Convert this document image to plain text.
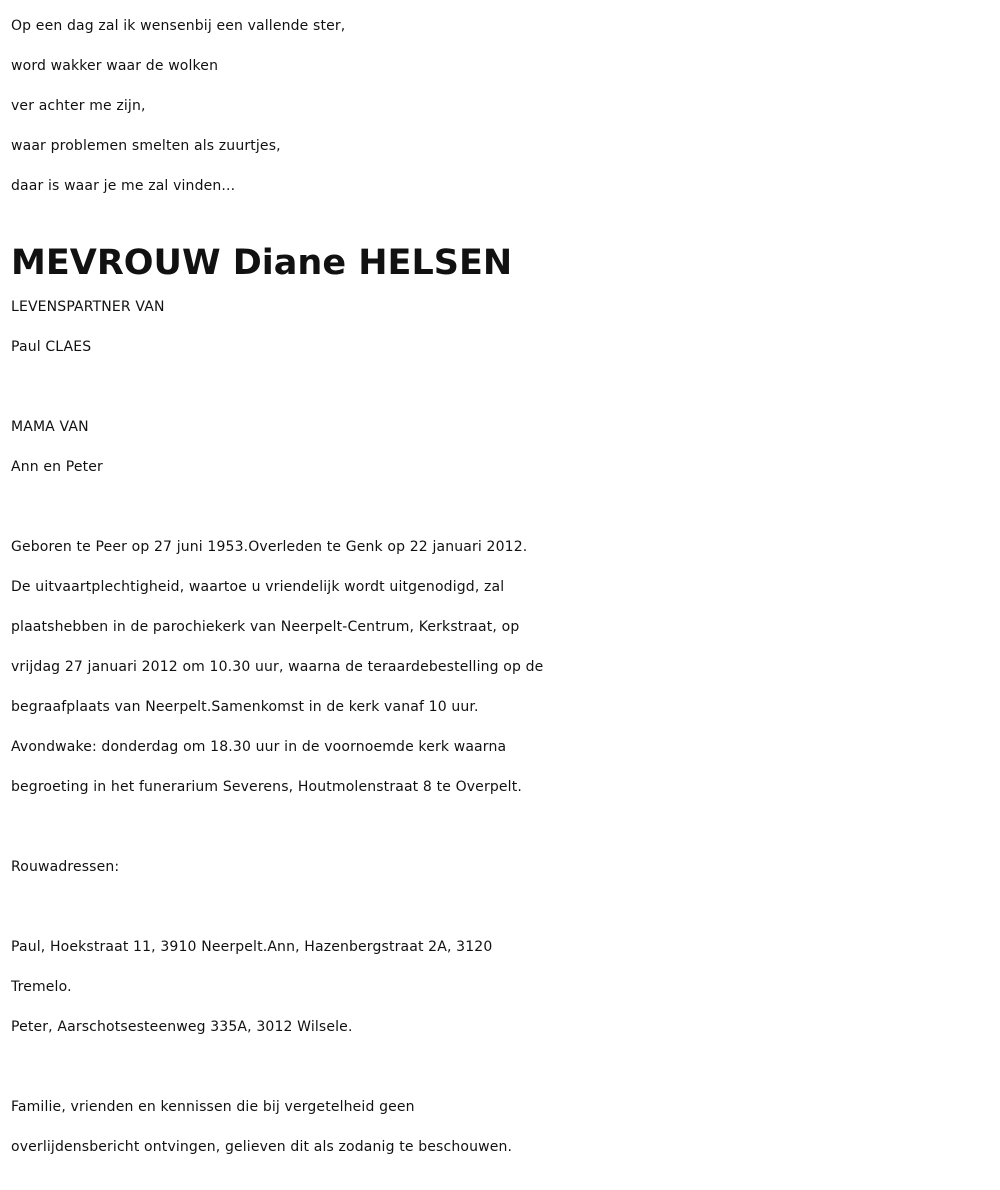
Op een dag zal ik wensenbij een vallende ster,
word wakker waar de wolken
ver achter me zijn,
waar problemen smelten als zuurtjes,
daar is waar je me zal vinden...
MEVROUW Diane HELSEN
LEVENSPARTNER VAN
Paul CLAES
MAMA VAN
Ann en Peter
Geboren te Peer op 27 juni 1953.Overleden te Genk op 22 januari 2012.
De uitvaartplechtigheid, waartoe u vriendelijk wordt uitgenodigd, zal
plaatshebben in de parochiekerk van Neerpelt-Centrum, Kerkstraat, op
vrijdag 27 januari 2012 om 10.30 uur, waarna de teraardebestelling op de
begraafplaats van Neerpelt.Samenkomst in de kerk vanaf 10 uur.
Avondwake: donderdag om 18.30 uur in de voornoemde kerk waarna
begroeting in het funerarium Severens, Houtmolenstraat 8 te Overpelt.
Rouwadressen:
Paul, Hoekstraat 11, 3910 Neerpelt.Ann, Hazenbergstraat 2A, 3120
Tremelo.
Peter, Aarschotsesteenweg 335A, 3012 Wilsele.
Familie, vrienden en kennissen die bij vergetelheid geen
overlijdensbericht ontvingen, gelieven dit als zodanig te beschouwen.
